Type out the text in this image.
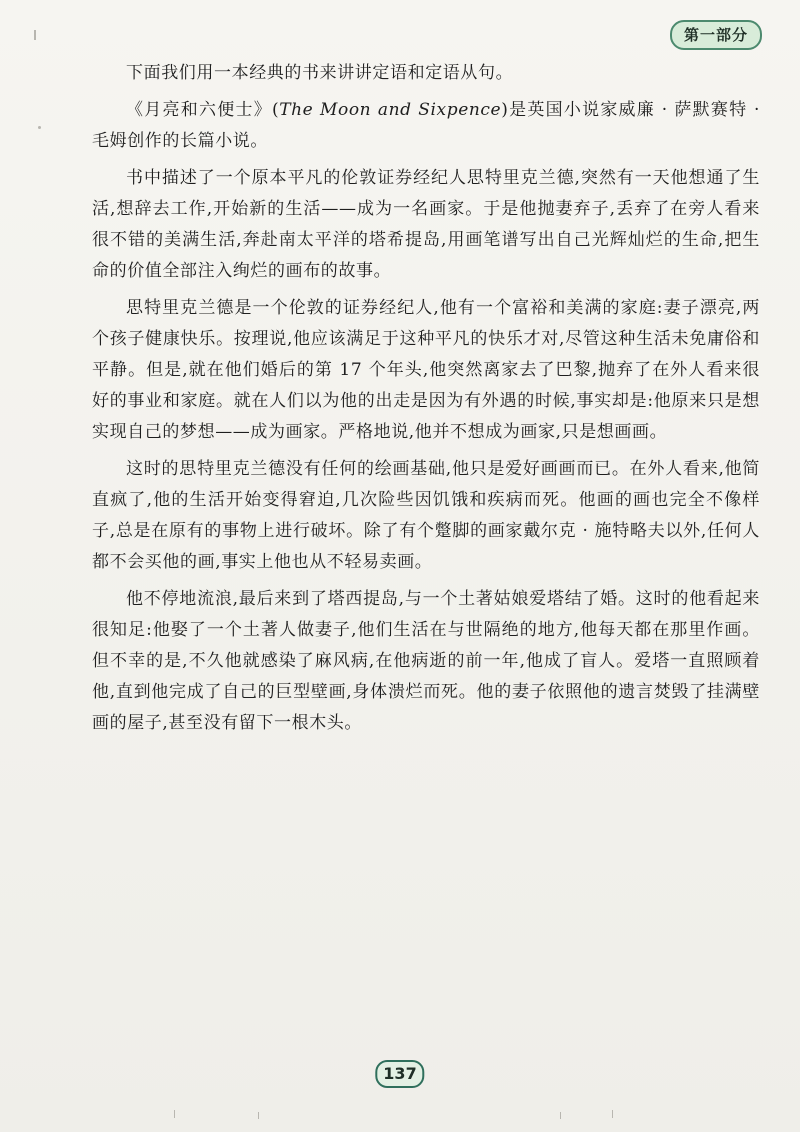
第一部分

下面我们用一本经典的书来讲讲定语和定语从句。

《月亮和六便士》(The Moon and Sixpence)是英国小说家威廉 · 萨默赛特 · 毛姆创作的长篇小说。

书中描述了一个原本平凡的伦敦证券经纪人思特里克兰德,突然有一天他想通了生活,想辞去工作,开始新的生活——成为一名画家。于是他抛妻弃子,丢弃了在旁人看来很不错的美满生活,奔赴南太平洋的塔希提岛,用画笔谱写出自己光辉灿烂的生命,把生命的价值全部注入绚烂的画布的故事。

思特里克兰德是一个伦敦的证券经纪人,他有一个富裕和美满的家庭:妻子漂亮,两个孩子健康快乐。按理说,他应该满足于这种平凡的快乐才对,尽管这种生活未免庸俗和平静。但是,就在他们婚后的第 17 个年头,他突然离家去了巴黎,抛弃了在外人看来很好的事业和家庭。就在人们以为他的出走是因为有外遇的时候,事实却是:他原来只是想实现自己的梦想——成为画家。严格地说,他并不想成为画家,只是想画画。

这时的思特里克兰德没有任何的绘画基础,他只是爱好画画而已。在外人看来,他简直疯了,他的生活开始变得窘迫,几次险些因饥饿和疾病而死。他画的画也完全不像样子,总是在原有的事物上进行破坏。除了有个蹩脚的画家戴尔克 · 施特略夫以外,任何人都不会买他的画,事实上他也从不轻易卖画。

他不停地流浪,最后来到了塔西提岛,与一个土著姑娘爱塔结了婚。这时的他看起来很知足:他娶了一个土著人做妻子,他们生活在与世隔绝的地方,他每天都在那里作画。但不幸的是,不久他就感染了麻风病,在他病逝的前一年,他成了盲人。爱塔一直照顾着他,直到他完成了自己的巨型壁画,身体溃烂而死。他的妻子依照他的遗言焚毁了挂满壁画的屋子,甚至没有留下一根木头。

137
